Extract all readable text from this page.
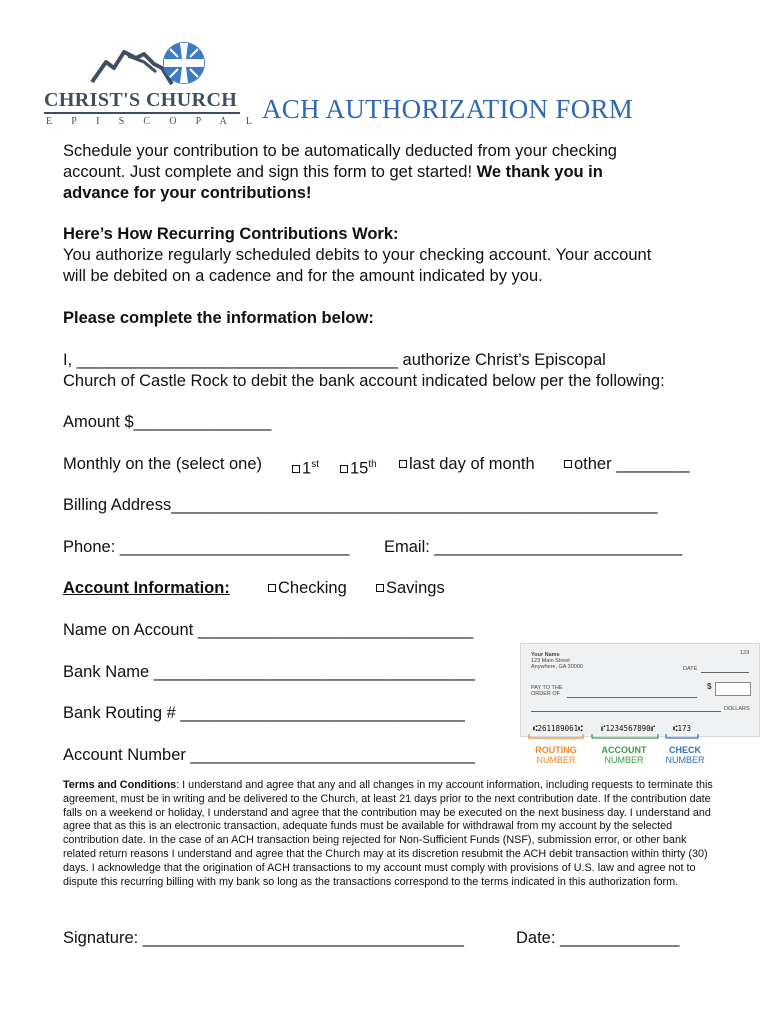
CHRIST'S CHURCH
EPISCOPAL
ACH AUTHORIZATION FORM
Schedule your contribution to be automatically deducted from your checking
account. Just complete and sign this form to get started! We thank you in
advance for your contributions!
Here’s How Recurring Contributions Work:
You authorize regularly scheduled debits to your checking account. Your account
will be debited on a cadence and for the amount indicated by you.
Please complete the information below:
I, ___________________________________ authorize Christ’s Episcopal
Church of Castle Rock to debit the bank account indicated below per the following:
Amount $_______________
Monthly on the (select one)	1st	15th	last day of month	other ________
Billing Address_____________________________________________________
Phone: _________________________ Email: ___________________________
Account Information:	Checking	Savings
Name on Account ______________________________
Bank Name ___________________________________
Bank Routing # _______________________________
Account Number _______________________________
Your Name
123 Main Street
Anywhere, GA 30000
123
DATE
PAY TO THE
ORDER OF
$
DOLLARS
⑆261189061⑆ ⑈1234567890⑈ ⑆173
ROUTING
NUMBER
ACCOUNT
NUMBER
CHECK
NUMBER
Terms and Conditions: I understand and agree that any and all changes in my account information, including requests to terminate this agreement, must be in writing and be delivered to the Church, at least 21 days prior to the next contribution date. If the contribution date falls on a weekend or holiday, I understand and agree that the contribution may be executed on the next business day. I understand and agree that as this is an electronic transaction, adequate funds must be available for withdrawal from my account by the selected contribution date. In the case of an ACH transaction being rejected for Non-Sufficient Funds (NSF), submission error, or other bank related return reasons I understand and agree that the Church may at its discretion resubmit the ACH debit transaction within thirty (30) days. I acknowledge that the origination of ACH transactions to my account must comply with provisions of U.S. law and agree not to dispute this recurring billing with my bank so long as the transactions correspond to the terms indicated in this authorization form.
Signature: ___________________________________	Date: _____________
